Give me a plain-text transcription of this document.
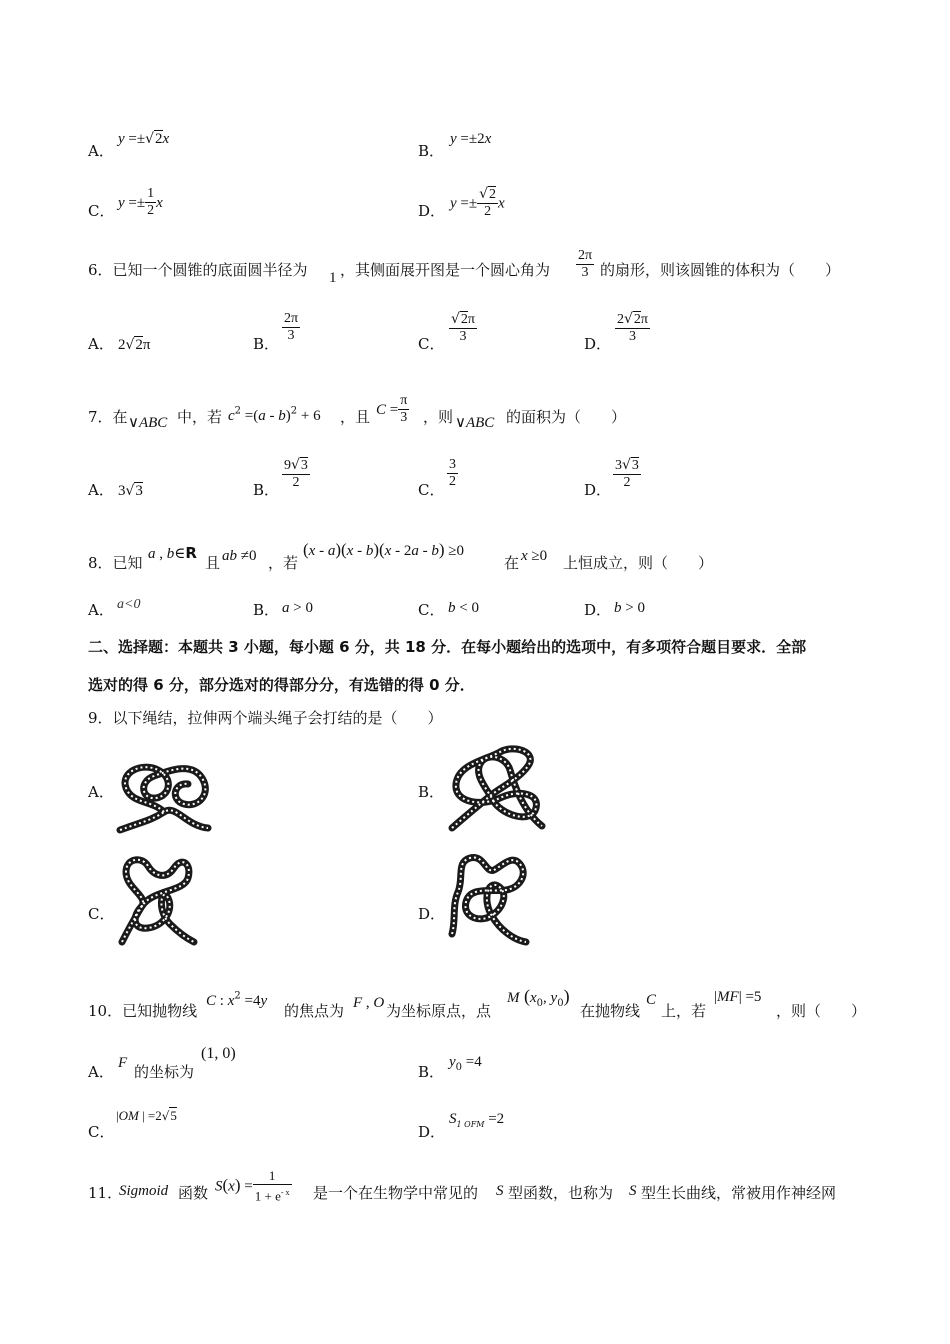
A．
y =±√2x
B．
y =±2x
C． $y =\pm \frac{1}{2}$ x	D． $y =\pm \frac{√2}{2}$ x
6．已知一个圆锥的底面圆半径为 1 ，其侧面展开图是一个圆心角为 $\frac{2\pi}{3}$ 的扇形，则该圆锥的体积为（　　）
A． 2√2π	B． $\frac{2\pi}{3}$	C． $\frac{√2\pi}{3}$	D． $\frac{2√2\pi}{3}$
7．在 ∨ABC 中，若 $c^2 =(a - b)^2 + 6$ ，且 $C = \frac{\pi}{3}$ ，则 ∨ABC 的面积为（　　）
A． 3√3	B． $\frac{9√3}{2}$	C． $\frac{3}{2}$	D． $\frac{3√3}{2}$
8．已知 a , b∈R
且 ab ≠0 ，若
(x - a)(x - b)(x - 2a - b) ≥0
在 x ≥0 上恒成立，则（　　）
A． a<0	B． a > 0	C． b < 0	D． b > 0
二、选择题：本题共 3 小题，每小题 6 分，共 18 分．在每小题给出的选项中，有多项符合题目要求．全部
选对的得 6 分，部分选对的得部分分，有选错的得 0 分．
9．以下绳结，拉伸两个端头绳子会打结的是（　　）
A．	B．
C．	D．
10．已知抛物线
C : $x^2 =4y$
的焦点为 F , O 为坐标原点，点
M ($x_0$, $y_0$)
在抛物线
C
上，若
|MF| =5
，则（　　）
A． F 的坐标为
(1, 0)
B．
$y_0 =4$
C．
|OM | =2√5
D．
$S_{1 OFM} =2$
11．
Sigmoid 函数 $S(x) = \frac{1}{1 + e^{- x}}$ 是一个在生物学中常见的 S 型函数，也称为 S 型生长曲线，常被用作神经网
